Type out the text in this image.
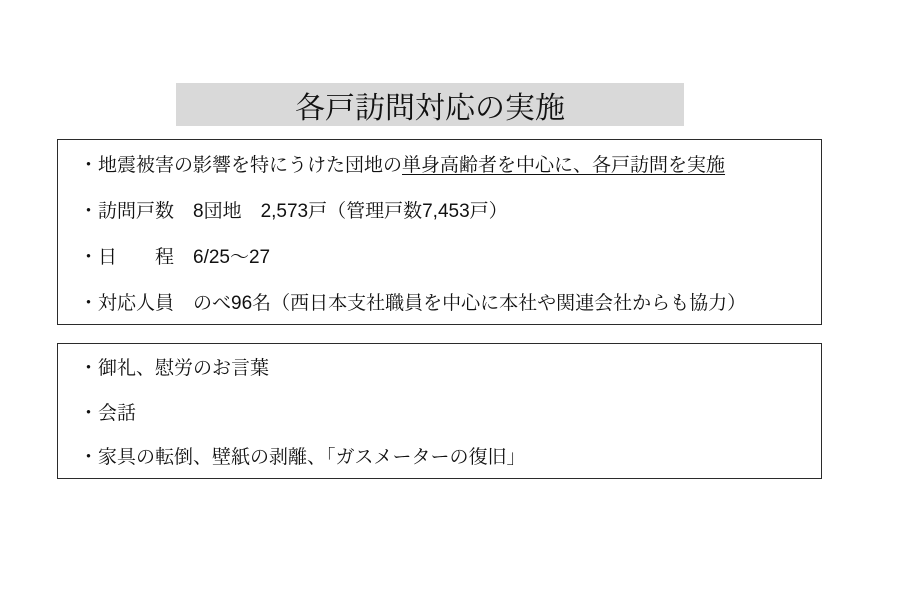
各戸訪問対応の実施
・地震被害の影響を特にうけた団地の 単身高齢者を中心に、各戸訪問を実施
・訪問戸数　8団地　2,573戸（管理戸数7,453戸）
・日　　程　6/25～27
・対応人員　のべ96名（西日本支社職員を中心に本社や関連会社からも協力）
・御礼、慰労のお言葉
・会話
・家具の転倒、壁紙の剥離、「ガスメーターの復旧」
